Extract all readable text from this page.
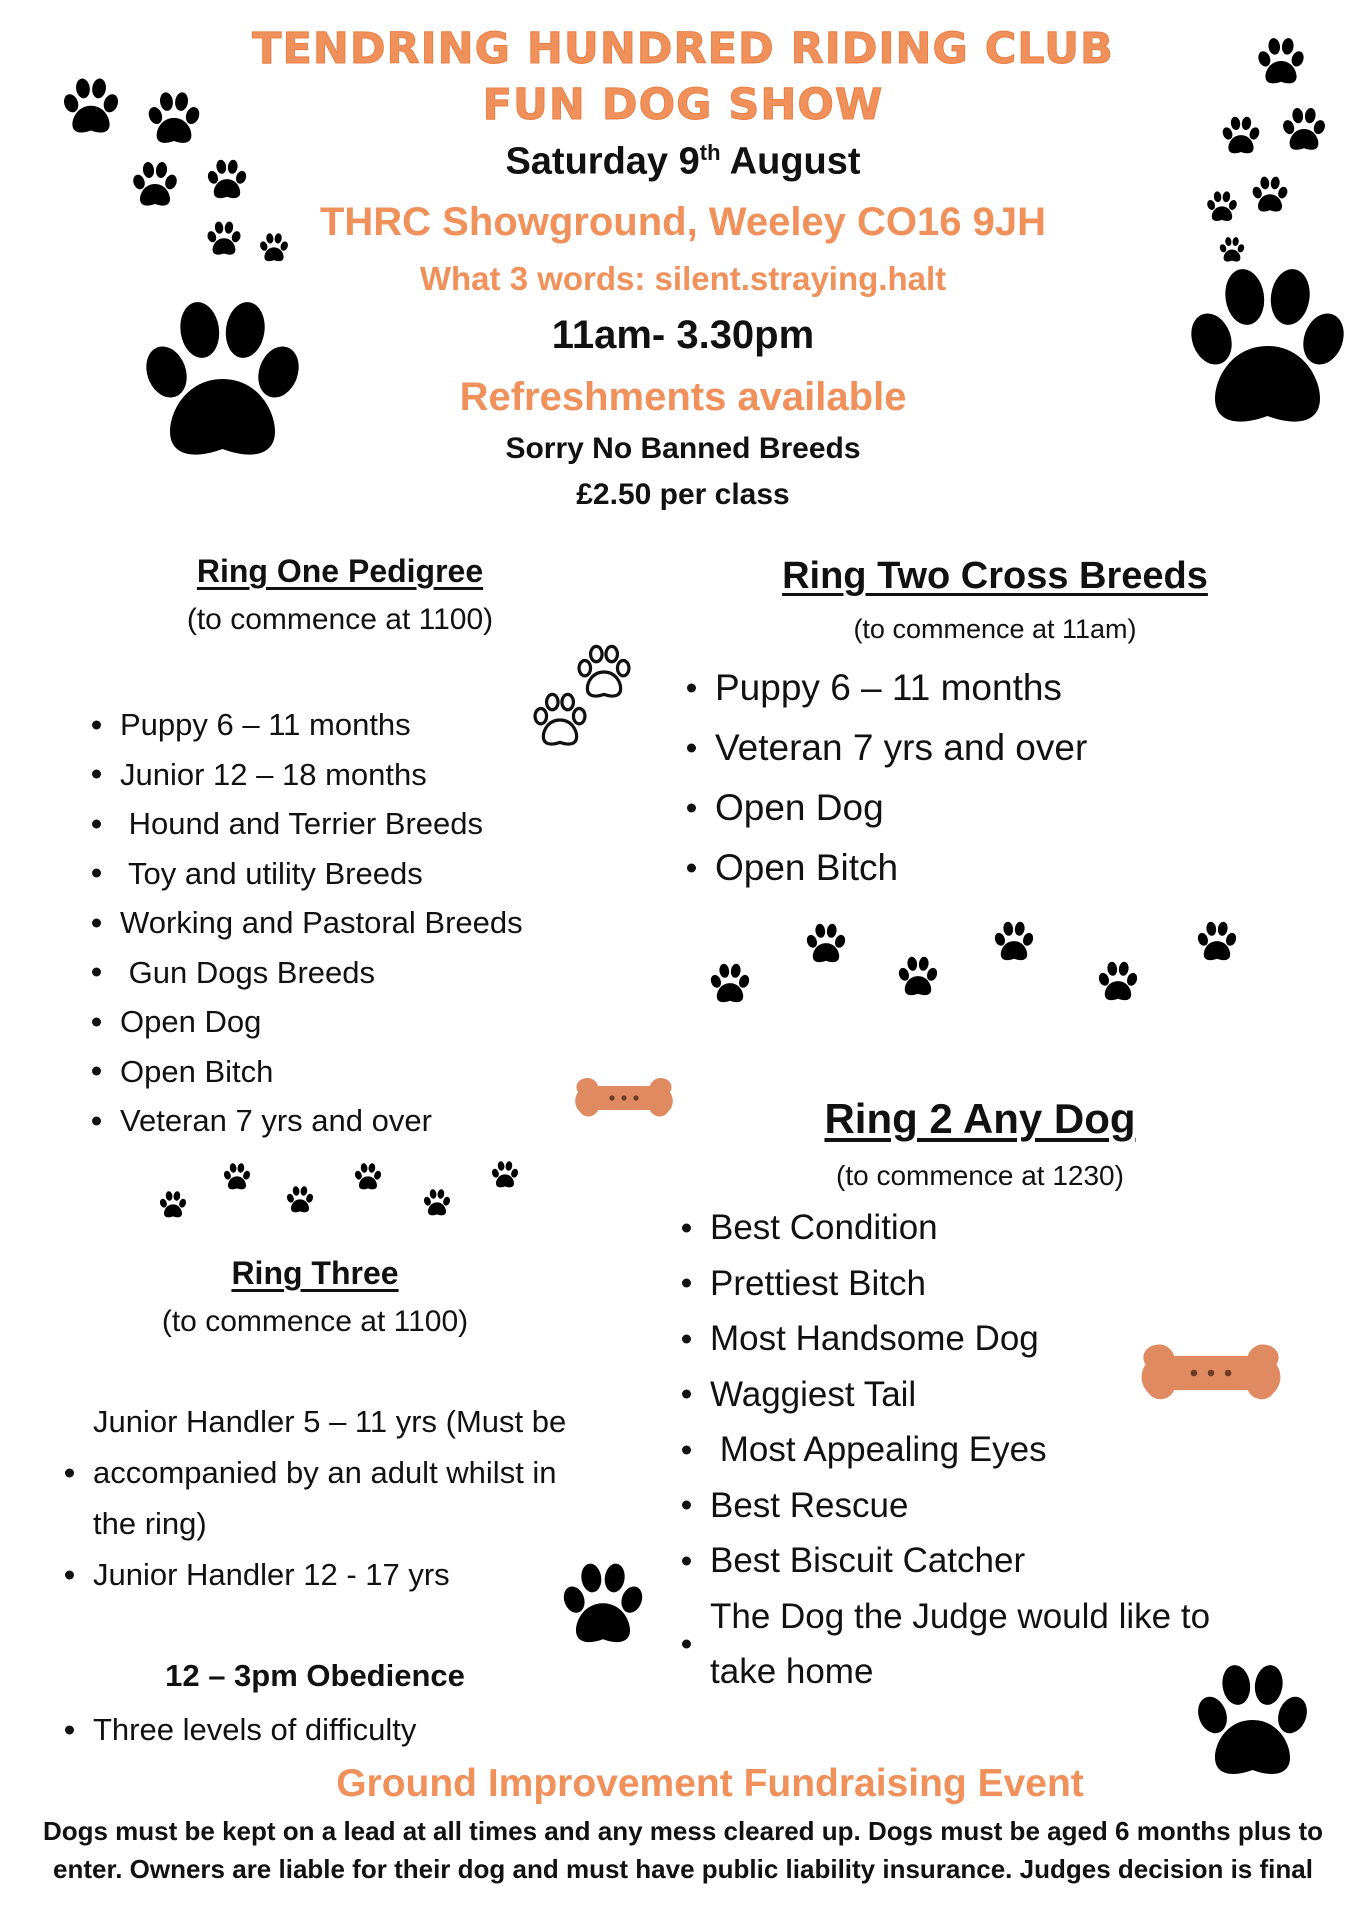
TENDRING HUNDRED RIDING CLUB
FUN DOG SHOW
Saturday 9th August
THRC Showground, Weeley CO16 9JH
What 3 words: silent.straying.halt
11am- 3.30pm
Refreshments available
Sorry No Banned Breeds
£2.50 per class
Ring One Pedigree
(to commence at 1100)
Puppy 6 – 11 months
Junior 12 – 18 months
Hound and Terrier Breeds
Toy and utility Breeds
Working and Pastoral Breeds
Gun Dogs Breeds
Open Dog
Open Bitch
Veteran 7 yrs and over
Ring Three
(to commence at 1100)
Junior Handler 5 – 11 yrs (Must be accompanied by an adult whilst in the ring)
Junior Handler 12 - 17 yrs
12 – 3pm Obedience
Three levels of difficulty
Ring Two Cross Breeds
(to commence at 11am)
Puppy 6 – 11 months
Veteran 7 yrs and over
Open Dog
Open Bitch
Ring 2 Any Dog
(to commence at 1230)
Best Condition
Prettiest Bitch
Most Handsome Dog
Waggiest Tail
Most Appealing Eyes
Best Rescue
Best Biscuit Catcher
The Dog the Judge would like to take home
Ground Improvement Fundraising Event
Dogs must be kept on a lead at all times and any mess cleared up. Dogs must be aged 6 months plus to enter. Owners are liable for their dog and must have public liability insurance. Judges decision is final
